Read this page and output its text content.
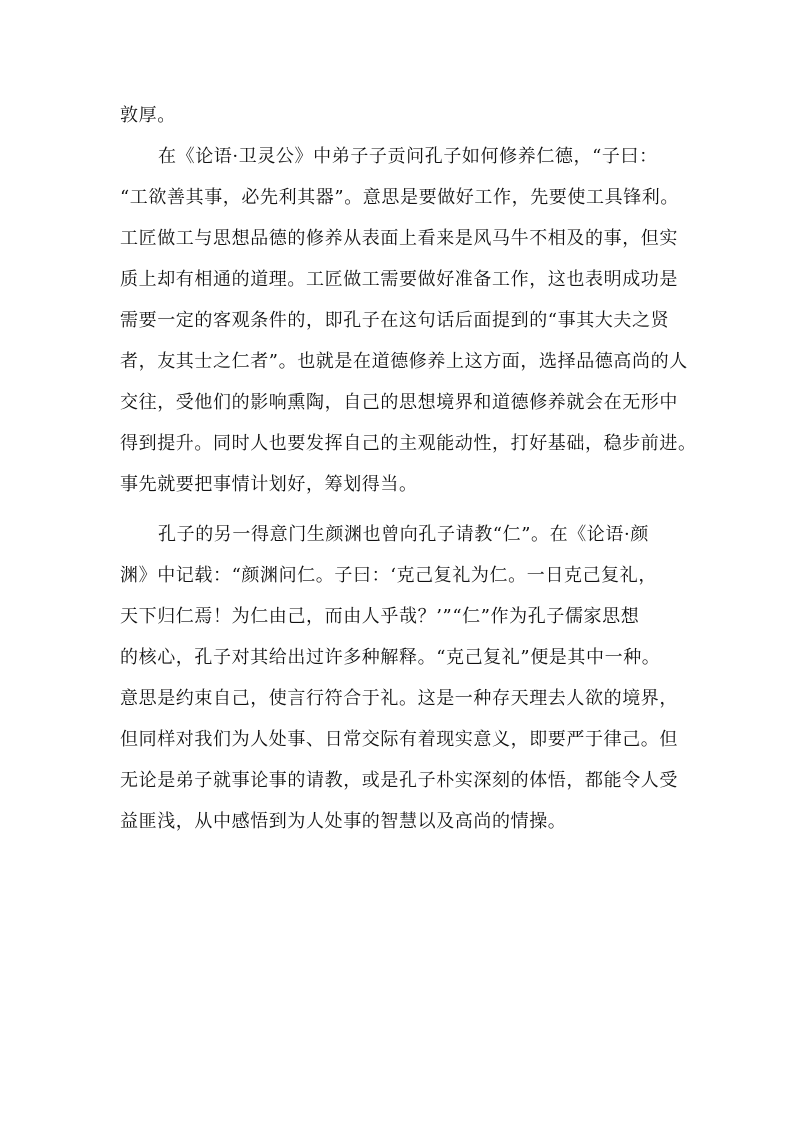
敦厚。
在《论语·卫灵公》中弟子子贡问孔子如何修养仁德，“子曰：
“工欲善其事，必先利其器”。意思是要做好工作，先要使工具锋利。
工匠做工与思想品德的修养从表面上看来是风马牛不相及的事，但实
质上却有相通的道理。工匠做工需要做好准备工作，这也表明成功是
需要一定的客观条件的，即孔子在这句话后面提到的“事其大夫之贤
者，友其士之仁者”。也就是在道德修养上这方面，选择品德高尚的人
交往，受他们的影响熏陶，自己的思想境界和道德修养就会在无形中
得到提升。同时人也要发挥自己的主观能动性，打好基础，稳步前进。
事先就要把事情计划好，筹划得当。
孔子的另一得意门生颜渊也曾向孔子请教“仁”。在《论语·颜
渊》中记载：“颜渊问仁。子曰：‘克己复礼为仁。一日克己复礼，
天下归仁焉！为仁由己，而由人乎哉？’”“仁”作为孔子儒家思想
的核心，孔子对其给出过许多种解释。“克己复礼”便是其中一种。
意思是约束自己，使言行符合于礼。这是一种存天理去人欲的境界，
但同样对我们为人处事、日常交际有着现实意义，即要严于律己。但
无论是弟子就事论事的请教，或是孔子朴实深刻的体悟，都能令人受
益匪浅，从中感悟到为人处事的智慧以及高尚的情操。
